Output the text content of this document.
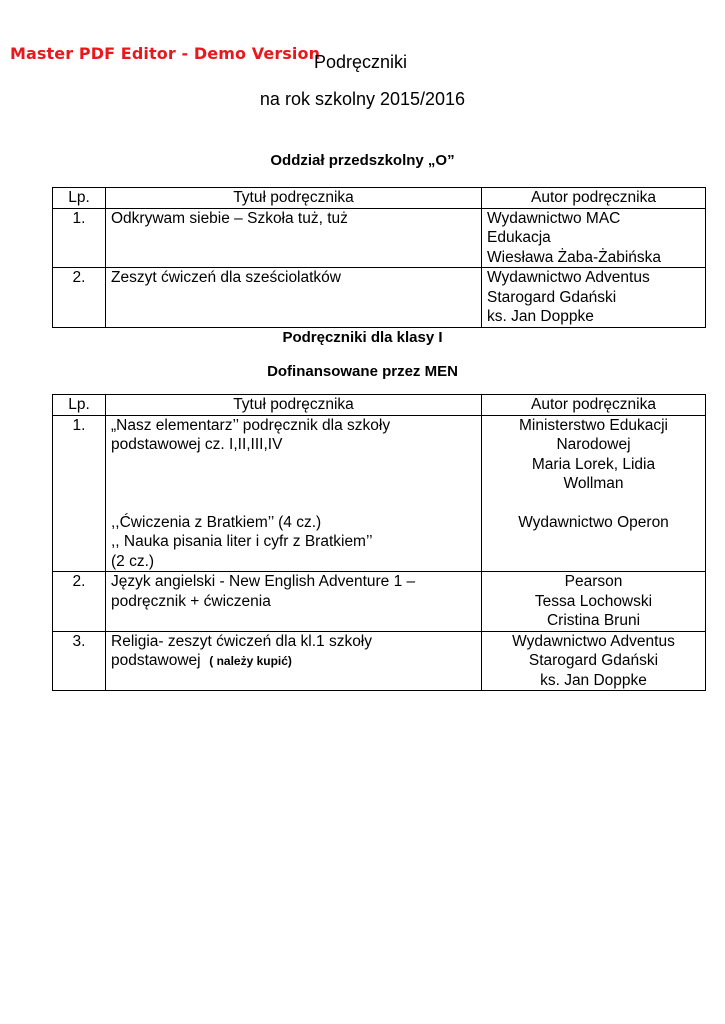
Master PDF Editor - Demo Version
Podręczniki
na rok szkolny 2015/2016
Oddział przedszkolny „O”
Lp.	Tytuł podręcznika	Autor podręcznika
1.	Odkrywam siebie – Szkoła tuż, tuż	Wydawnictwo MAC
Edukacja
Wiesława Żaba-Żabińska

2.	Zeszyt ćwiczeń dla sześciolatków	Wydawnictwo Adventus
Starogard Gdański
ks. Jan Doppke
Podręczniki dla klasy I
Dofinansowane przez MEN
Lp.	Tytuł podręcznika	Autor podręcznika
1.	„Nasz elementarz’’ podręcznik dla szkoły
podstawowej cz. I,II,III,IV
,,Ćwiczenia z Bratkiem’’ (4 cz.)
,, Nauka pisania liter i cyfr z Bratkiem’’
(2 cz.)	Ministerstwo Edukacji
Narodowej
Maria Lorek, Lidia
Wollman
Wydawnictwo Operon

2.	Język angielski - New English Adventure 1 –
podręcznik + ćwiczenia	Pearson
Tessa Lochowski
Cristina Bruni

3.	Religia- zeszyt ćwiczeń dla kl.1 szkoły
podstawowej ( należy kupić)	Wydawnictwo Adventus
Starogard Gdański
ks. Jan Doppke
